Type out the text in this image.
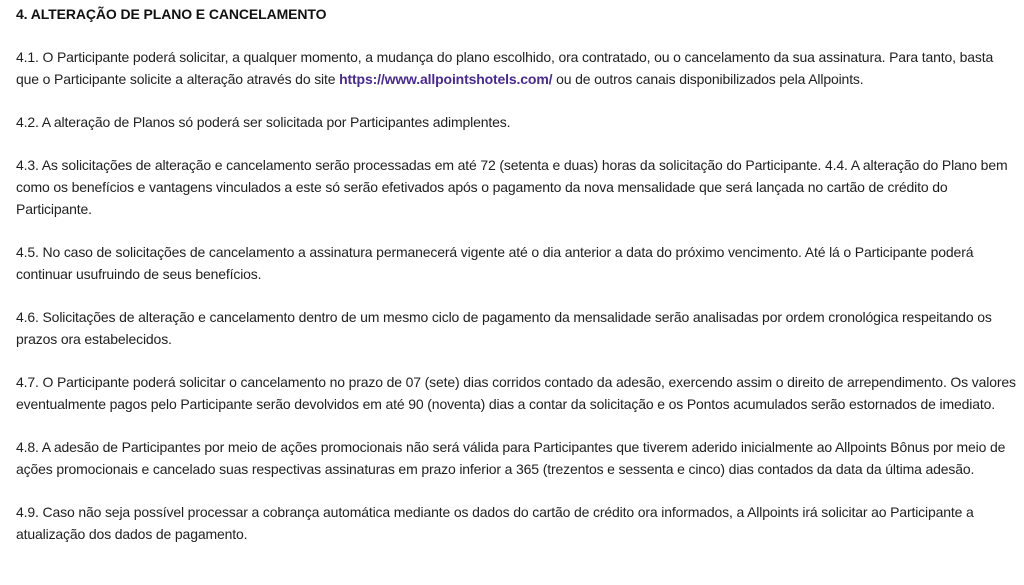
4. ALTERAÇÃO DE PLANO E CANCELAMENTO

4.1. O Participante poderá solicitar, a qualquer momento, a mudança do plano escolhido, ora contratado, ou o cancelamento da sua assinatura. Para tanto, basta que o Participante solicite a alteração através do site https://www.allpointshotels.com/ ou de outros canais disponibilizados pela Allpoints.

4.2. A alteração de Planos só poderá ser solicitada por Participantes adimplentes.

4.3. As solicitações de alteração e cancelamento serão processadas em até 72 (setenta e duas) horas da solicitação do Participante. 4.4. A alteração do Plano bem como os benefícios e vantagens vinculados a este só serão efetivados após o pagamento da nova mensalidade que será lançada no cartão de crédito do Participante.

4.5. No caso de solicitações de cancelamento a assinatura permanecerá vigente até o dia anterior a data do próximo vencimento. Até lá o Participante poderá continuar usufruindo de seus benefícios.

4.6. Solicitações de alteração e cancelamento dentro de um mesmo ciclo de pagamento da mensalidade serão analisadas por ordem cronológica respeitando os prazos ora estabelecidos.

4.7. O Participante poderá solicitar o cancelamento no prazo de 07 (sete) dias corridos contado da adesão, exercendo assim o direito de arrependimento. Os valores eventualmente pagos pelo Participante serão devolvidos em até 90 (noventa) dias a contar da solicitação e os Pontos acumulados serão estornados de imediato.

4.8. A adesão de Participantes por meio de ações promocionais não será válida para Participantes que tiverem aderido inicialmente ao Allpoints Bônus por meio de ações promocionais e cancelado suas respectivas assinaturas em prazo inferior a 365 (trezentos e sessenta e cinco) dias contados da data da última adesão.

4.9. Caso não seja possível processar a cobrança automática mediante os dados do cartão de crédito ora informados, a Allpoints irá solicitar ao Participante a atualização dos dados de pagamento.
